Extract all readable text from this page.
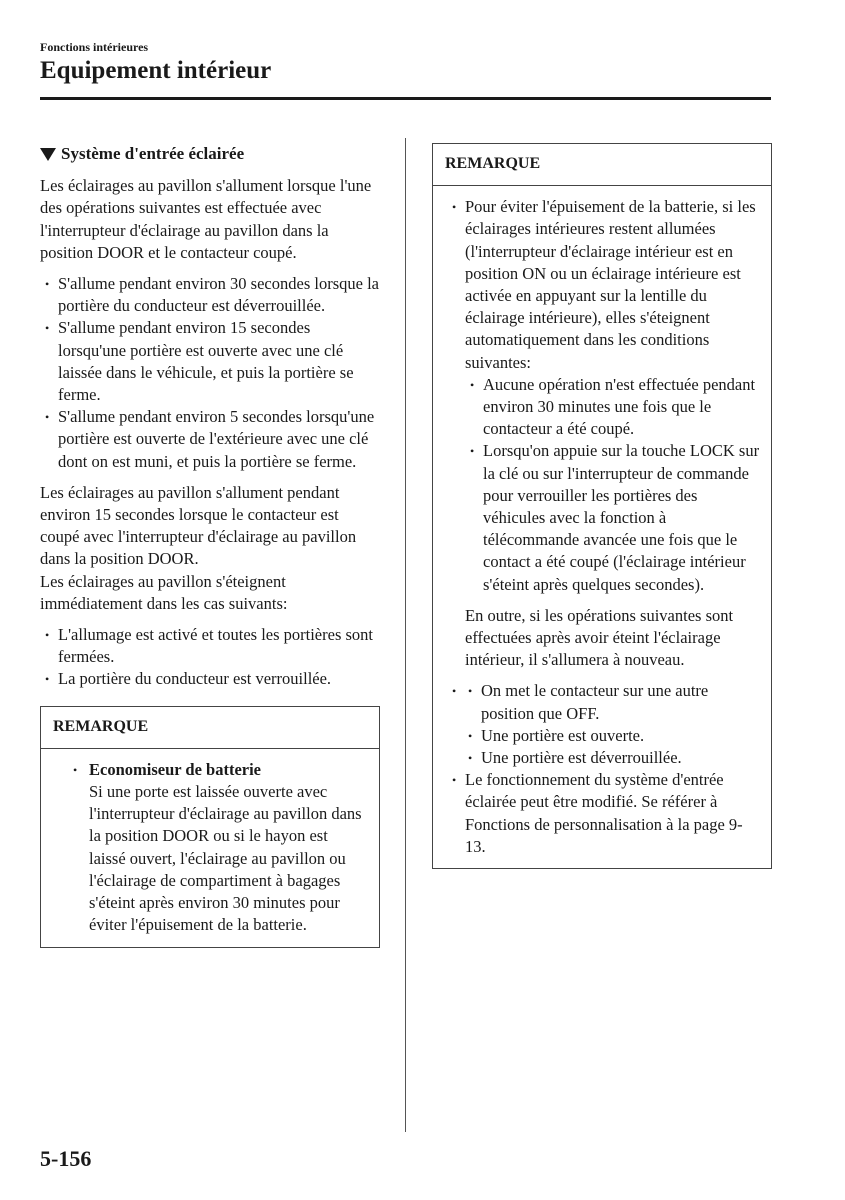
Fonctions intérieures
Equipement intérieur
Système d'entrée éclairée

Les éclairages au pavillon s'allument lorsque l'une des opérations suivantes est effectuée avec l'interrupteur d'éclairage au pavillon dans la position DOOR et le contacteur coupé.

• S'allume pendant environ 30 secondes lorsque la portière du conducteur est déverrouillée.
• S'allume pendant environ 15 secondes lorsqu'une portière est ouverte avec une clé laissée dans le véhicule, et puis la portière se ferme.
• S'allume pendant environ 5 secondes lorsqu'une portière est ouverte de l'extérieure avec une clé dont on est muni, et puis la portière se ferme.

Les éclairages au pavillon s'allument pendant environ 15 secondes lorsque le contacteur est coupé avec l'interrupteur d'éclairage au pavillon dans la position DOOR.

Les éclairages au pavillon s'éteignent immédiatement dans les cas suivants:

• L'allumage est activé et toutes les portières sont fermées.
• La portière du conducteur est verrouillée.
REMARQUE
• Economiseur de batterie
Si une porte est laissée ouverte avec l'interrupteur d'éclairage au pavillon dans la position DOOR ou si le hayon est laissé ouvert, l'éclairage au pavillon ou l'éclairage de compartiment à bagages s'éteint après environ 30 minutes pour éviter l'épuisement de la batterie.
REMARQUE
• Pour éviter l'épuisement de la batterie, si les éclairages intérieures restent allumées (l'interrupteur d'éclairage intérieur est en position ON ou un éclairage intérieure est activée en appuyant sur la lentille du éclairage intérieure), elles s'éteignent automatiquement dans les conditions suivantes:
• Aucune opération n'est effectuée pendant environ 30 minutes une fois que le contacteur a été coupé.
• Lorsqu'on appuie sur la touche LOCK sur la clé ou sur l'interrupteur de commande pour verrouiller les portières des véhicules avec la fonction à télécommande avancée une fois que le contact a été coupé (l'éclairage intérieur s'éteint après quelques secondes).

En outre, si les opérations suivantes sont effectuées après avoir éteint l'éclairage intérieur, il s'allumera à nouveau.

• • On met le contacteur sur une autre position que OFF.
• Une portière est ouverte.
• Une portière est déverrouillée.
• Le fonctionnement du système d'entrée éclairée peut être modifié. Se référer à Fonctions de personnalisation à la page 9-13.
5-156
